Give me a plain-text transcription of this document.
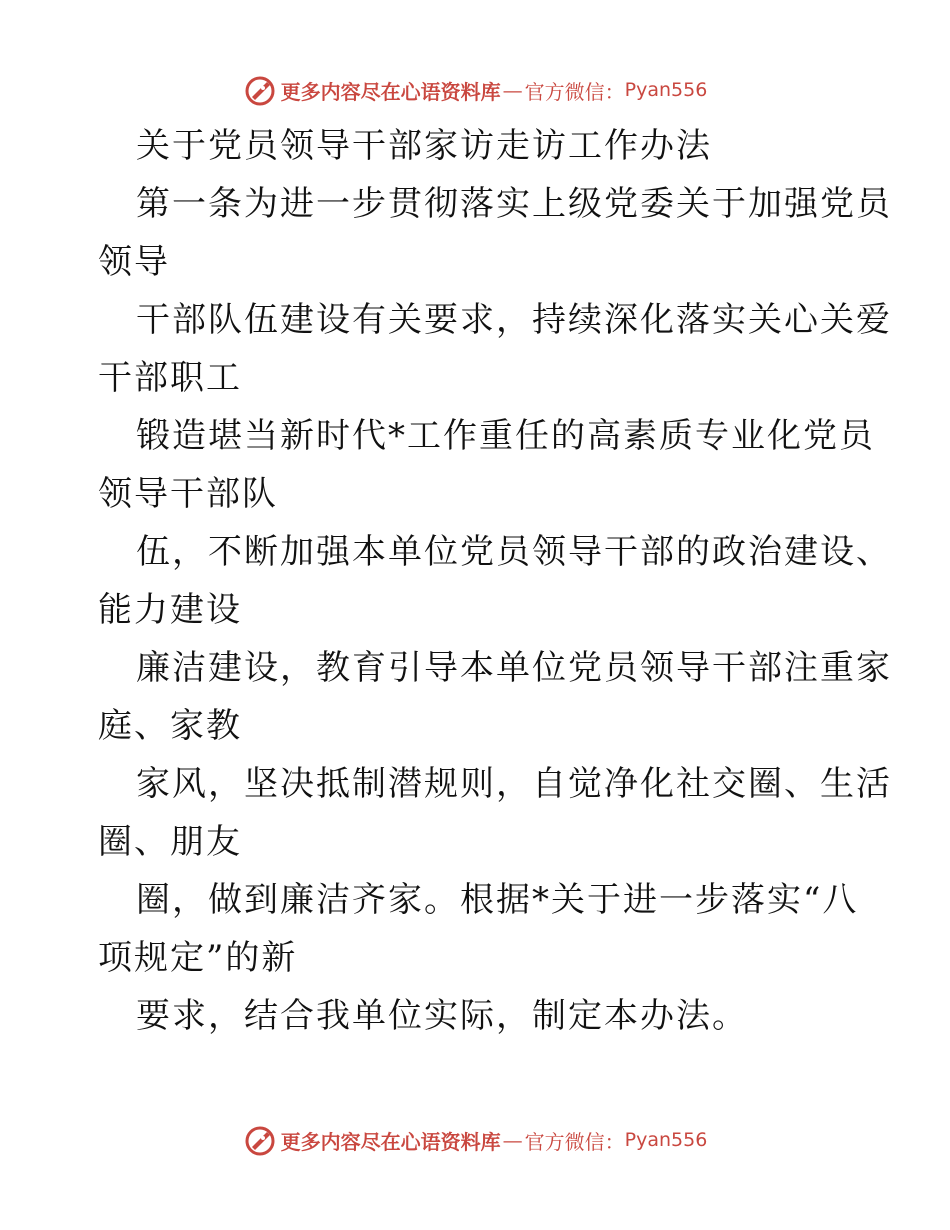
更多内容尽在心语资料库 — 官方微信： Pyan556
关于党员领导干部家访走访工作办法
第一条为进一步贯彻落实上级党委关于加强党员
领导
干部队伍建设有关要求，持续深化落实关心关爱
干部职工
锻造堪当新时代*工作重任的高素质专业化党员
领导干部队
伍，不断加强本单位党员领导干部的政治建设、
能力建设
廉洁建设，教育引导本单位党员领导干部注重家
庭、家教
家风，坚决抵制潜规则，自觉净化社交圈、生活
圈、朋友
圈，做到廉洁齐家。根据*关于进一步落实“八
项规定”的新
要求，结合我单位实际，制定本办法。
更多内容尽在心语资料库 — 官方微信： Pyan556
